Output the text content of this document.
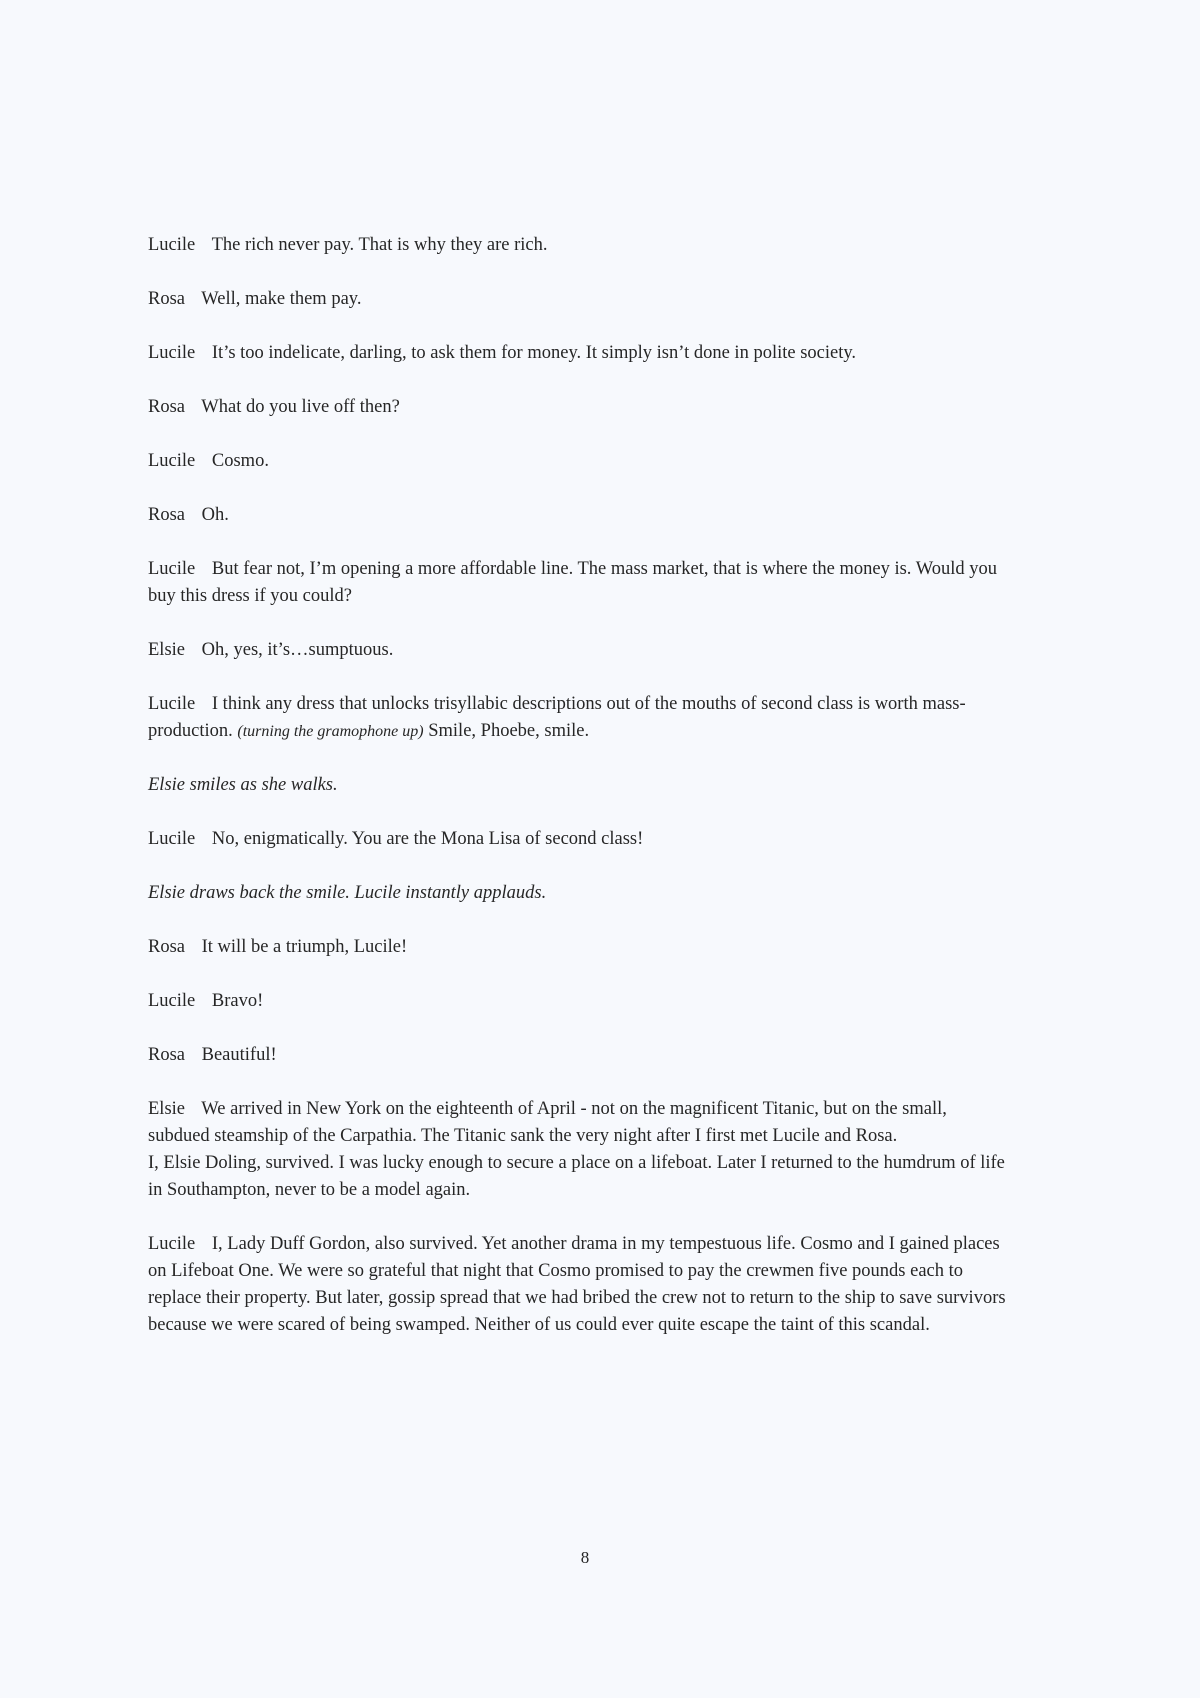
Lucile The rich never pay. That is why they are rich.

Rosa Well, make them pay.

Lucile It’s too indelicate, darling, to ask them for money. It simply isn’t done in polite society.

Rosa What do you live off then?

Lucile Cosmo.

Rosa Oh.

Lucile But fear not, I’m opening a more affordable line. The mass market, that is where the money is. Would you buy this dress if you could?

Elsie Oh, yes, it’s…sumptuous.

Lucile I think any dress that unlocks trisyllabic descriptions out of the mouths of second class is worth mass-production. (turning the gramophone up) Smile, Phoebe, smile.

Elsie smiles as she walks.

Lucile No, enigmatically. You are the Mona Lisa of second class!

Elsie draws back the smile. Lucile instantly applauds.

Rosa It will be a triumph, Lucile!

Lucile Bravo!

Rosa Beautiful!

Elsie We arrived in New York on the eighteenth of April - not on the magnificent Titanic, but on the small, subdued steamship of the Carpathia. The Titanic sank the very night after I first met Lucile and Rosa.

I, Elsie Doling, survived. I was lucky enough to secure a place on a lifeboat. Later I returned to the humdrum of life in Southampton, never to be a model again.

Lucile I, Lady Duff Gordon, also survived. Yet another drama in my tempestuous life. Cosmo and I gained places on Lifeboat One. We were so grateful that night that Cosmo promised to pay the crewmen five pounds each to replace their property. But later, gossip spread that we had bribed the crew not to return to the ship to save survivors because we were scared of being swamped. Neither of us could ever quite escape the taint of this scandal.

8
